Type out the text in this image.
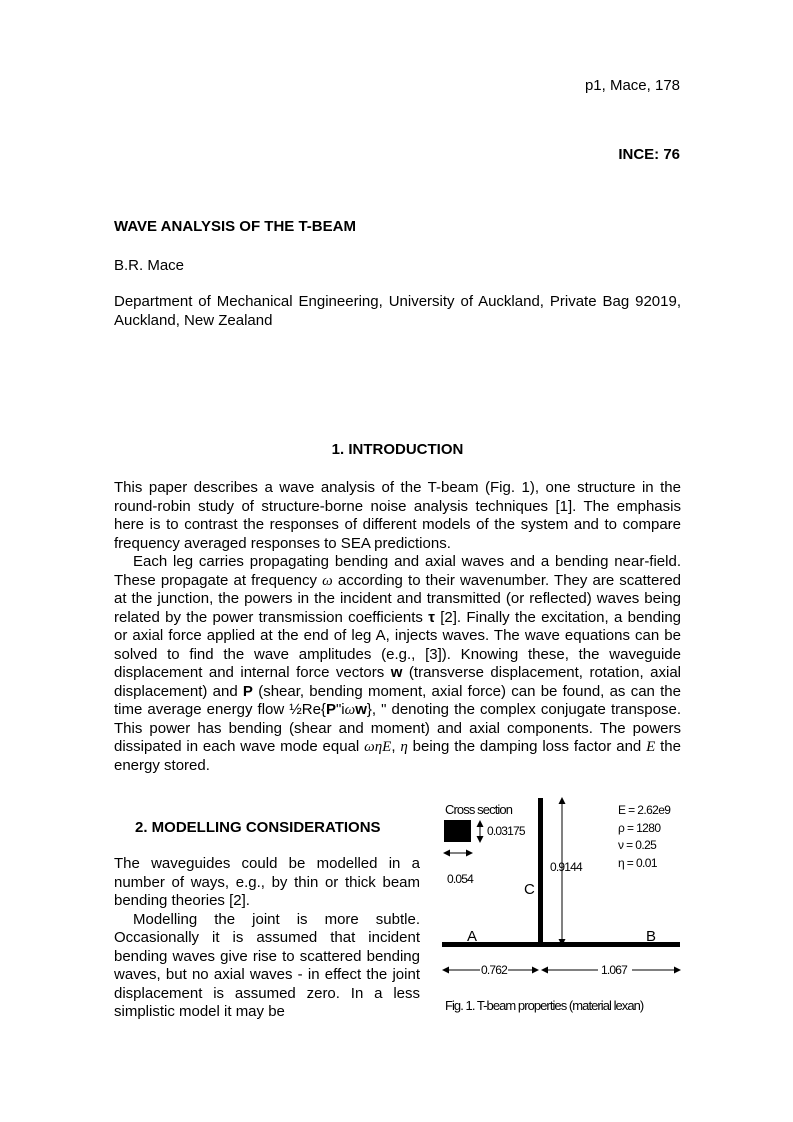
p1, Mace, 178
INCE: 76
WAVE ANALYSIS OF THE T-BEAM
B.R. Mace
Department of Mechanical Engineering, University of Auckland, Private Bag 92019, Auckland, New Zealand
1. INTRODUCTION

This paper describes a wave analysis of the T-beam (Fig. 1), one structure in the round-robin study of structure-borne noise analysis techniques [1]. The emphasis here is to contrast the responses of different models of the system and to compare frequency averaged responses to SEA predictions.

Each leg carries propagating bending and axial waves and a bending near-field. These propagate at frequency ω according to their wavenumber. They are scattered at the junction, the powers in the incident and transmitted (or reflected) waves being related by the power transmission coefficients τ [2]. Finally the excitation, a bending or axial force applied at the end of leg A, injects waves. The wave equations can be solved to find the wave amplitudes (e.g., [3]). Knowing these, the waveguide displacement and internal force vectors w (transverse displacement, rotation, axial displacement) and P (shear, bending moment, axial force) can be found, as can the time average energy flow ½Re{P"iωw}, " denoting the complex conjugate transpose. This power has bending (shear and moment) and axial components. The powers dissipated in each wave mode equal ωηE, η being the damping loss factor and E the energy stored.

2. MODELLING CONSIDERATIONS

The waveguides could be modelled in a number of ways, e.g., by thin or thick beam bending theories [2].

Modelling the joint is more subtle. Occasionally it is assumed that incident bending waves give rise to scattered bending waves, but no axial waves - in effect the joint displacement is assumed zero. In a less simplistic model it may be

Cross section
0.03175
0.054
C
A	B
0.9144
E = 2.62e9
ρ = 1280
ν = 0.25
η = 0.01
0.762	1.067
Fig. 1. T-beam properties (material lexan)
